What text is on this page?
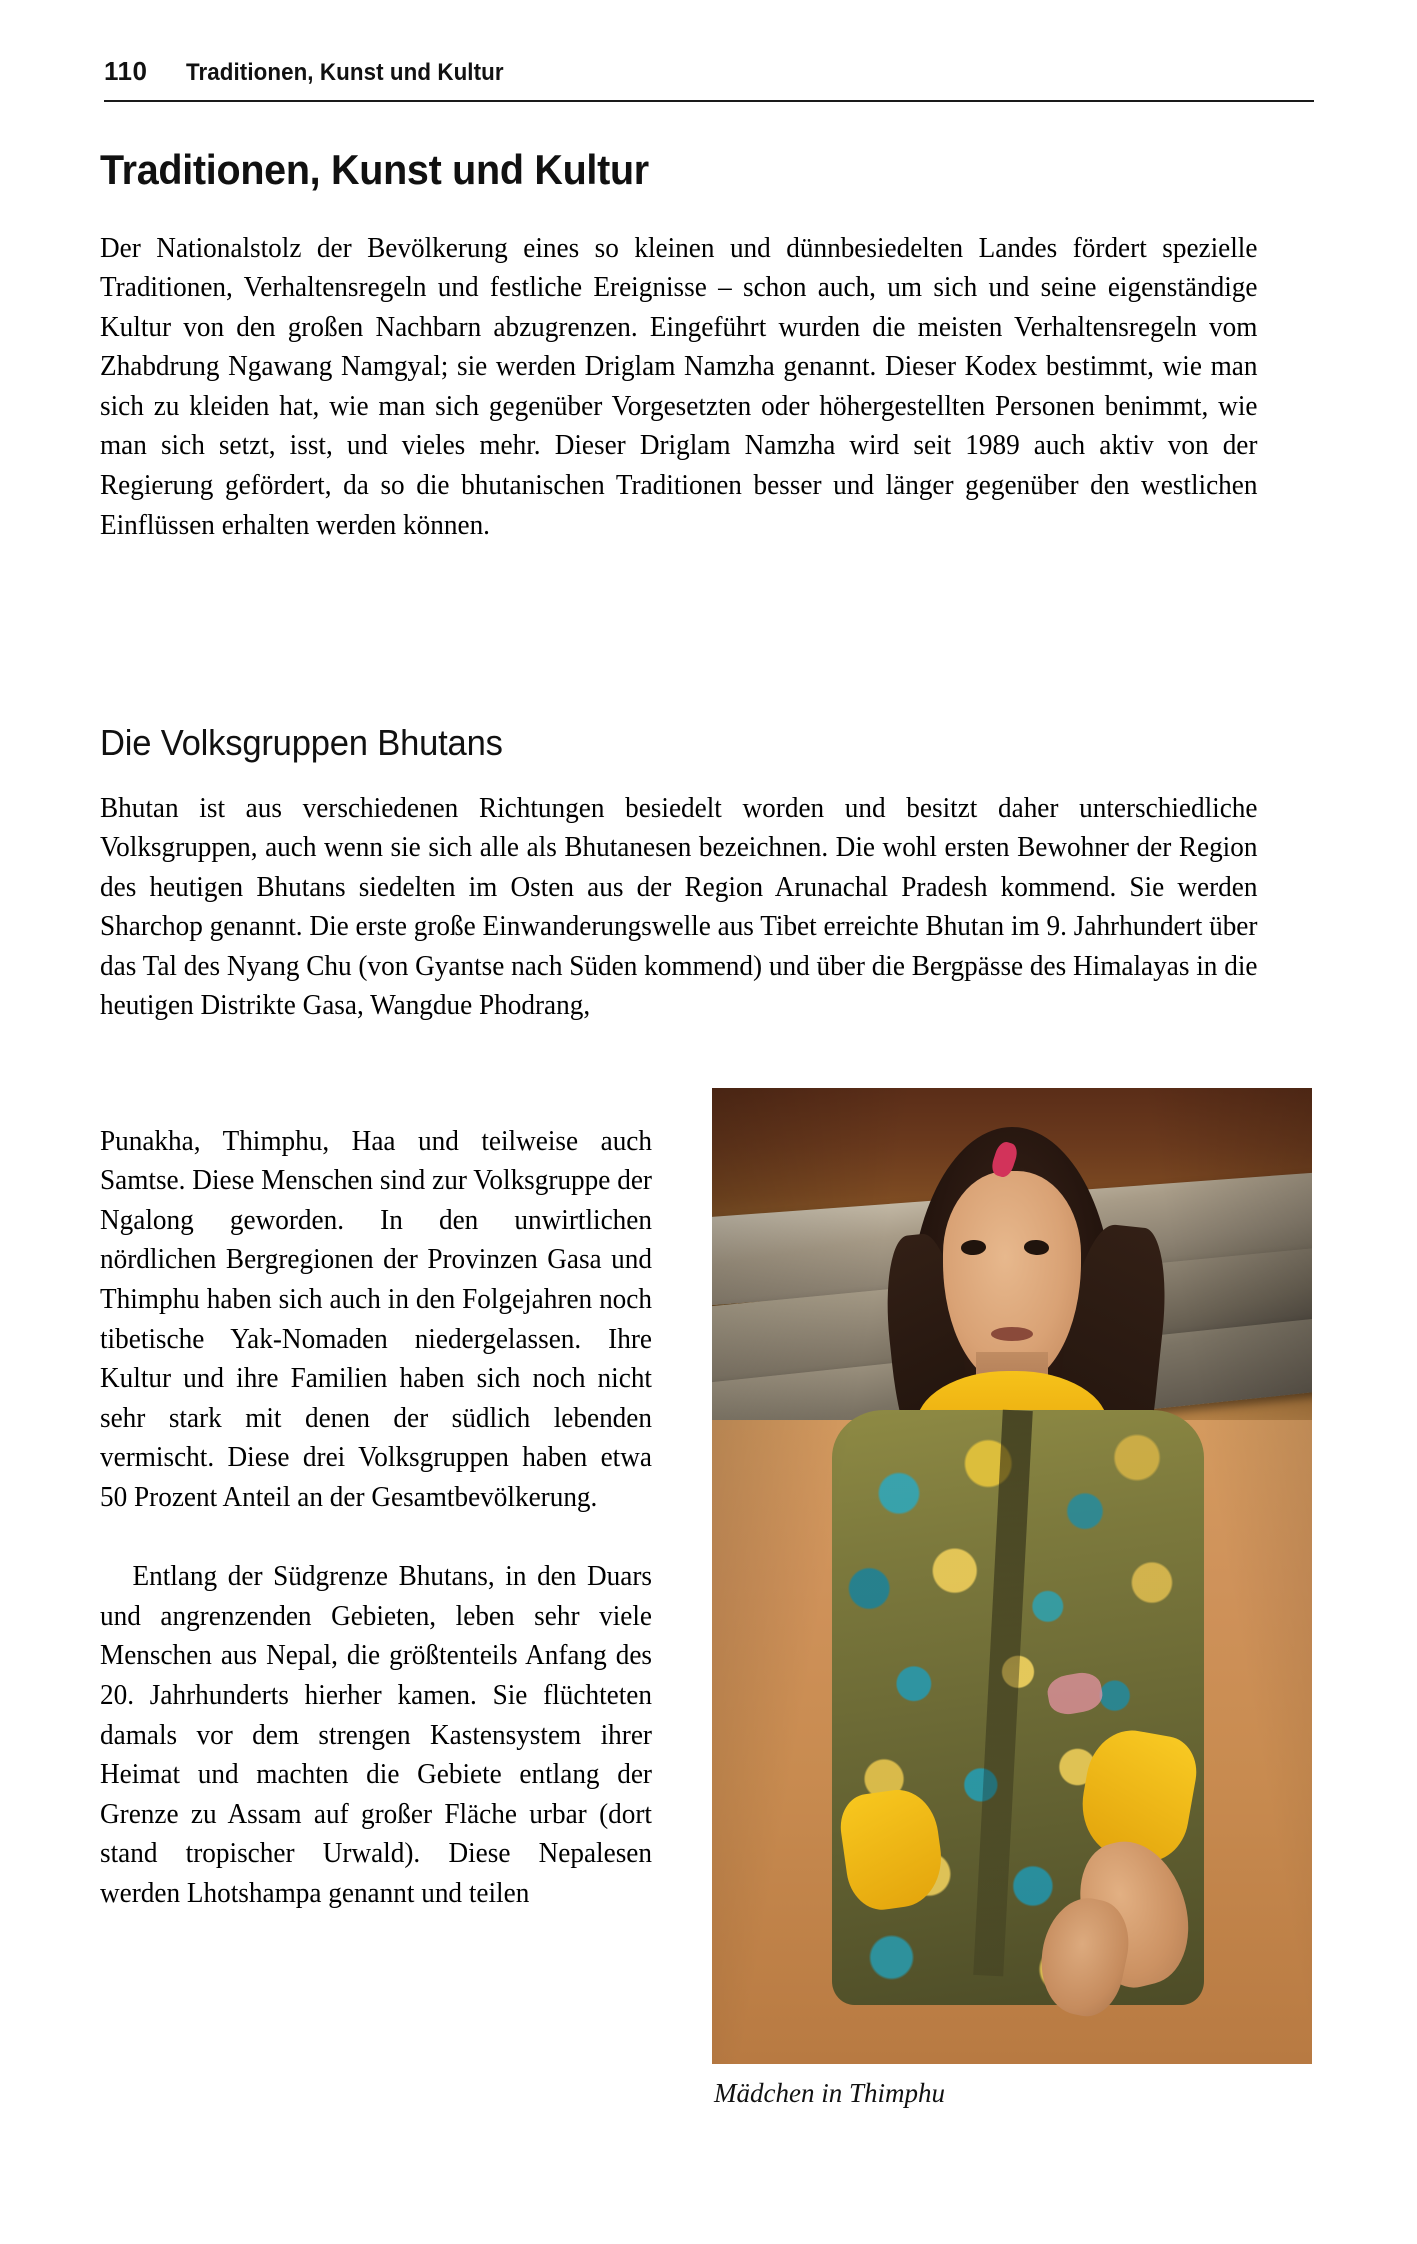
110	Traditionen, Kunst und Kultur
Traditionen, Kunst und Kultur

Der Nationalstolz der Bevölkerung eines so kleinen und dünnbesiedelten Landes fördert spezielle Traditionen, Verhaltensregeln und festliche Ereignisse – schon auch, um sich und seine eigenständige Kultur von den großen Nachbarn abzugrenzen. Eingeführt wurden die meisten Verhaltensregeln vom Zhabdrung Ngawang Namgyal; sie werden Driglam Namzha genannt. Dieser Kodex bestimmt, wie man sich zu kleiden hat, wie man sich gegenüber Vorgesetzten oder höhergestellten Personen benimmt, wie man sich setzt, isst, und vieles mehr. Dieser Driglam Namzha wird seit 1989 auch aktiv von der Regierung gefördert, da so die bhutanischen Traditionen besser und länger gegenüber den westlichen Einflüssen erhalten werden können.

Die Volksgruppen Bhutans

Bhutan ist aus verschiedenen Richtungen besiedelt worden und besitzt daher unterschiedliche Volksgruppen, auch wenn sie sich alle als Bhutanesen bezeichnen. Die wohl ersten Bewohner der Region des heutigen Bhutans siedelten im Osten aus der Region Arunachal Pradesh kommend. Sie werden Sharchop genannt. Die erste große Einwanderungswelle aus Tibet erreichte Bhutan im 9. Jahrhundert über das Tal des Nyang Chu (von Gyantse nach Süden kommend) und über die Bergpässe des Himalayas in die heutigen Distrikte Gasa, Wangdue Phodrang,

Punakha, Thimphu, Haa und teilweise auch Samtse. Diese Menschen sind zur Volksgruppe der Ngalong geworden. In den unwirtlichen nördlichen Bergregionen der Provinzen Gasa und Thimphu haben sich auch in den Folgejahren noch tibetische Yak-Nomaden niedergelassen. Ihre Kultur und ihre Familien haben sich noch nicht sehr stark mit denen der südlich lebenden vermischt. Diese drei Volksgruppen haben etwa 50 Prozent Anteil an der Gesamtbevölkerung.

Entlang der Südgrenze Bhutans, in den Duars und angrenzenden Gebieten, leben sehr viele Menschen aus Nepal, die größtenteils Anfang des 20. Jahrhunderts hierher kamen. Sie flüchteten damals vor dem strengen Kastensystem ihrer Heimat und machten die Gebiete entlang der Grenze zu Assam auf großer Fläche urbar (dort stand tropischer Urwald). Diese Nepalesen werden Lhotshampa genannt und teilen

Mädchen in Thimphu
